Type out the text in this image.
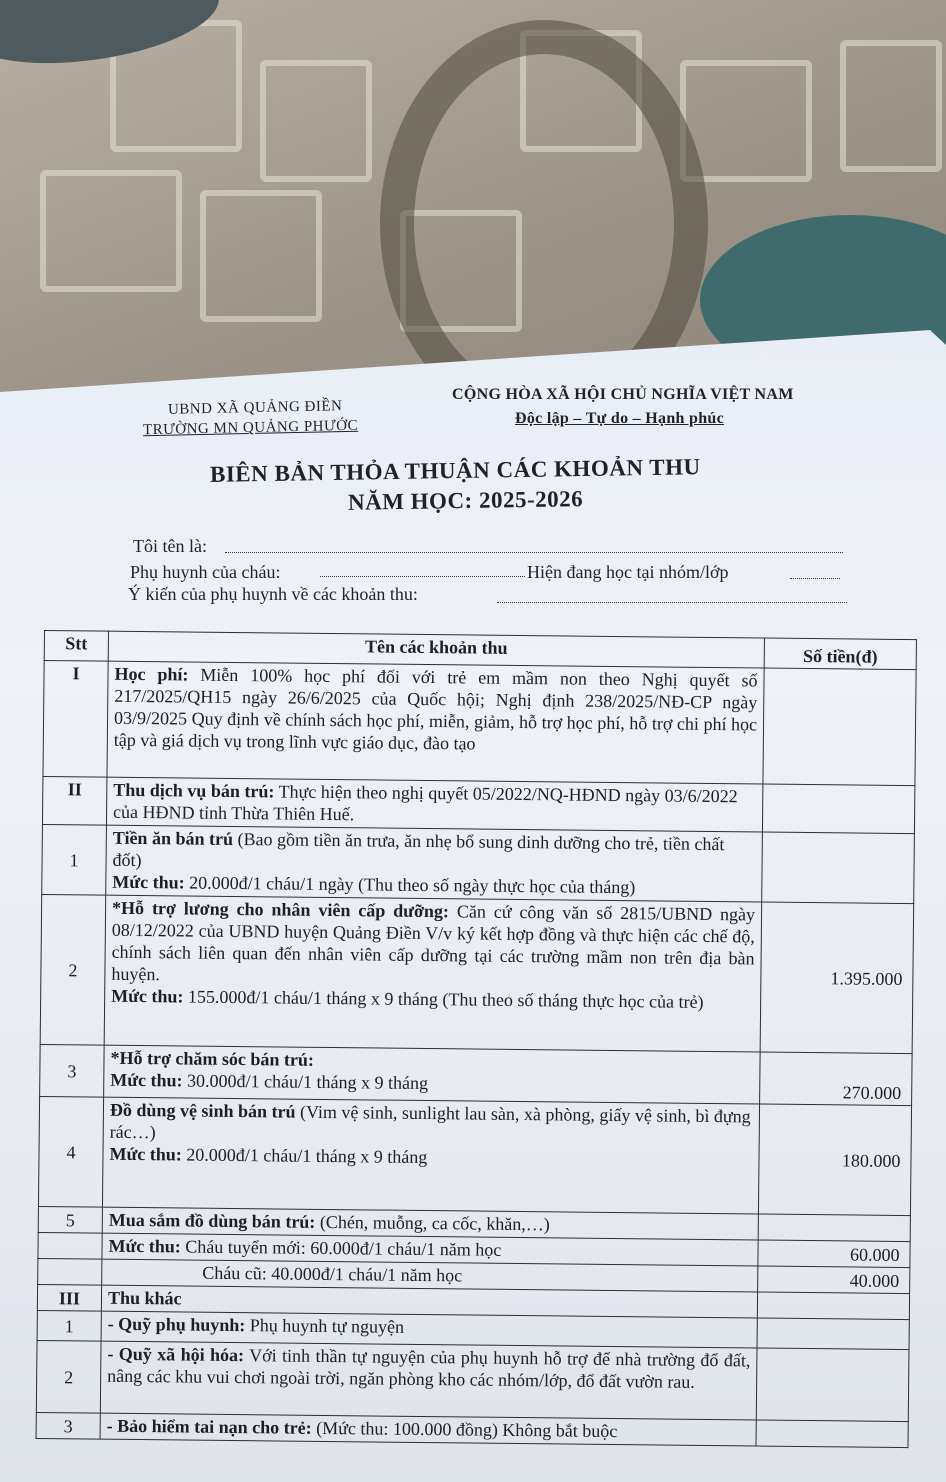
UBND XÃ QUẢNG ĐIỀN
TRƯỜNG MN QUẢNG PHƯỚC
CỘNG HÒA XÃ HỘI CHỦ NGHĨA VIỆT NAM
Độc lập – Tự do – Hạnh phúc
BIÊN BẢN THỎA THUẬN CÁC KHOẢN THU
NĂM HỌC: 2025-2026
Tôi tên là:
Phụ huynh của cháu:	Hiện đang học tại nhóm/lớp
Ý kiến của phụ huynh về các khoản thu:
Stt	Tên các khoản thu	Số tiền(đ)
I	Học phí: Miễn 100% học phí đối với trẻ em mầm non theo Nghị quyết số 217/2025/QH15 ngày 26/6/2025 của Quốc hội; Nghị định 238/2025/NĐ-CP ngày 03/9/2025 Quy định về chính sách học phí, miễn, giảm, hỗ trợ học phí, hỗ trợ chi phí học tập và giá dịch vụ trong lĩnh vực giáo dục, đào tạo	
II	Thu dịch vụ bán trú: Thực hiện theo nghị quyết 05/2022/NQ-HĐND ngày 03/6/2022 của HĐND tỉnh Thừa Thiên Huế.	
1	Tiền ăn bán trú (Bao gồm tiền ăn trưa, ăn nhẹ bổ sung dinh dưỡng cho trẻ, tiền chất đốt)
Mức thu: 20.000đ/1 cháu/1 ngày (Thu theo số ngày thực học của tháng)	
2	*Hỗ trợ lương cho nhân viên cấp dưỡng: Căn cứ công văn số 2815/UBND ngày 08/12/2022 của UBND huyện Quảng Điền V/v ký kết hợp đồng và thực hiện các chế độ, chính sách liên quan đến nhân viên cấp dưỡng tại các trường mầm non trên địa bàn huyện.
Mức thu: 155.000đ/1 cháu/1 tháng x 9 tháng (Thu theo số tháng thực học của trẻ)	1.395.000
3	*Hỗ trợ chăm sóc bán trú:
Mức thu: 30.000đ/1 cháu/1 tháng x 9 tháng	270.000
4	Đồ dùng vệ sinh bán trú (Vim vệ sinh, sunlight lau sàn, xà phòng, giấy vệ sinh, bì đựng rác…)
Mức thu: 20.000đ/1 cháu/1 tháng x 9 tháng	180.000
5	Mua sắm đồ dùng bán trú: (Chén, muỗng, ca cốc, khăn,…)	
	Mức thu: Cháu tuyển mới: 60.000đ/1 cháu/1 năm học	60.000
	Cháu cũ: 40.000đ/1 cháu/1 năm học	40.000
III	Thu khác	
1	- Quỹ phụ huynh: Phụ huynh tự nguyện	
2	- Quỹ xã hội hóa: Với tinh thần tự nguyện của phụ huynh hỗ trợ để nhà trường đổ đất, nâng các khu vui chơi ngoài trời, ngăn phòng kho các nhóm/lớp, đổ đất vườn rau.	
3	- Bảo hiểm tai nạn cho trẻ: (Mức thu: 100.000 đồng) Không bắt buộc	
